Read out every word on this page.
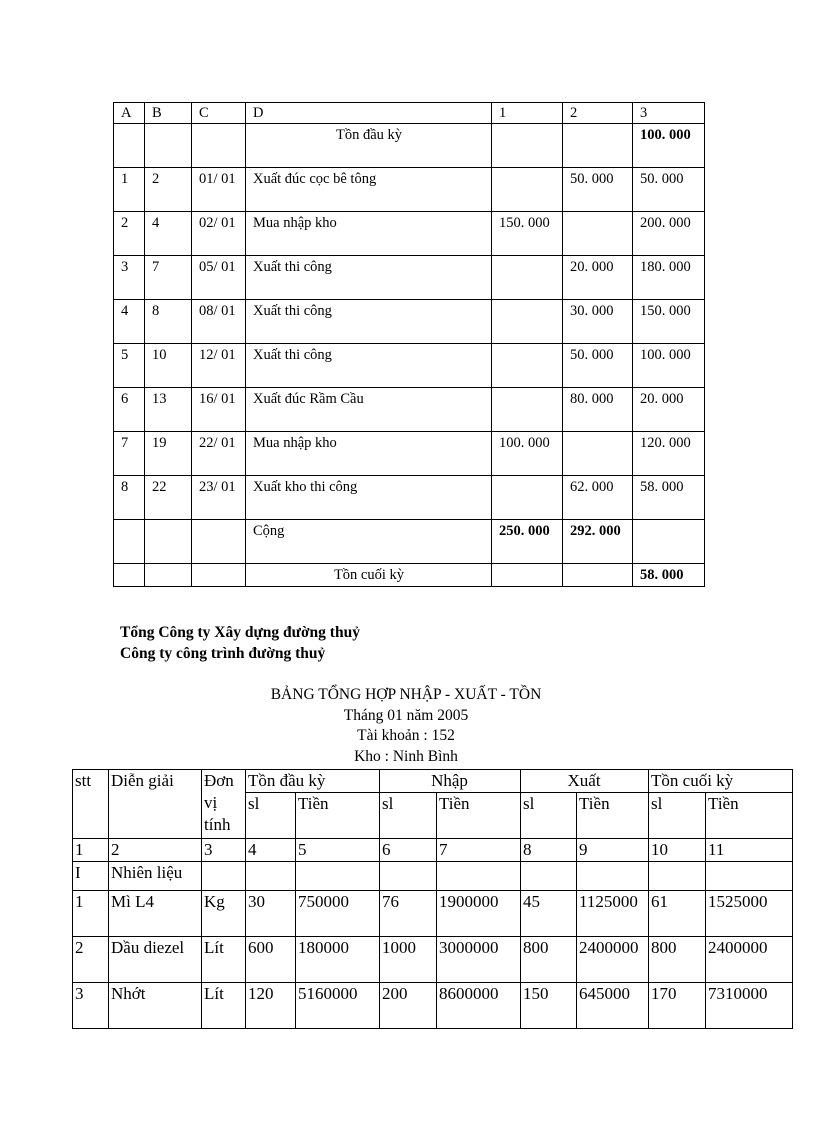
A	B	C	D	1	2	3
			Tồn đầu kỳ			100. 000
1	2	01/ 01	Xuất đúc cọc bê tông		50. 000	50. 000
2	4	02/ 01	Mua nhập kho	150. 000		200. 000
3	7	05/ 01	Xuất thi công		20. 000	180. 000
4	8	08/ 01	Xuất thi công		30. 000	150. 000
5	10	12/ 01	Xuất thi công		50. 000	100. 000
6	13	16/ 01	Xuất đúc Rầm Cầu		80. 000	20. 000
7	19	22/ 01	Mua nhập kho	100. 000		120. 000
8	22	23/ 01	Xuất kho thi công		62. 000	58. 000
			Cộng	250. 000	292. 000	
			Tồn cuối kỳ			58. 000
Tổng Công ty Xây dựng đường thuỷ
Công ty công trình đường thuỷ
BẢNG TỔNG HỢP NHẬP - XUẤT - TỒN
Tháng 01 năm 2005
Tài khoản : 152
Kho : Ninh Bình
stt	Diễn giải	Đơn vị tính	Tồn đầu kỳ		Nhập		Xuất		Tồn cuối kỳ	
			sl	Tiền	sl	Tiền	sl	Tiền	sl	Tiền
1	2	3	4	5	6	7	8	9	10	11
I	Nhiên liệu									
1	Mì L4	Kg	30	750000	76	1900000	45	1125000	61	1525000
2	Dầu diezel	Lít	600	180000	1000	3000000	800	2400000	800	2400000
3	Nhớt	Lít	120	5160000	200	8600000	150	645000	170	7310000
